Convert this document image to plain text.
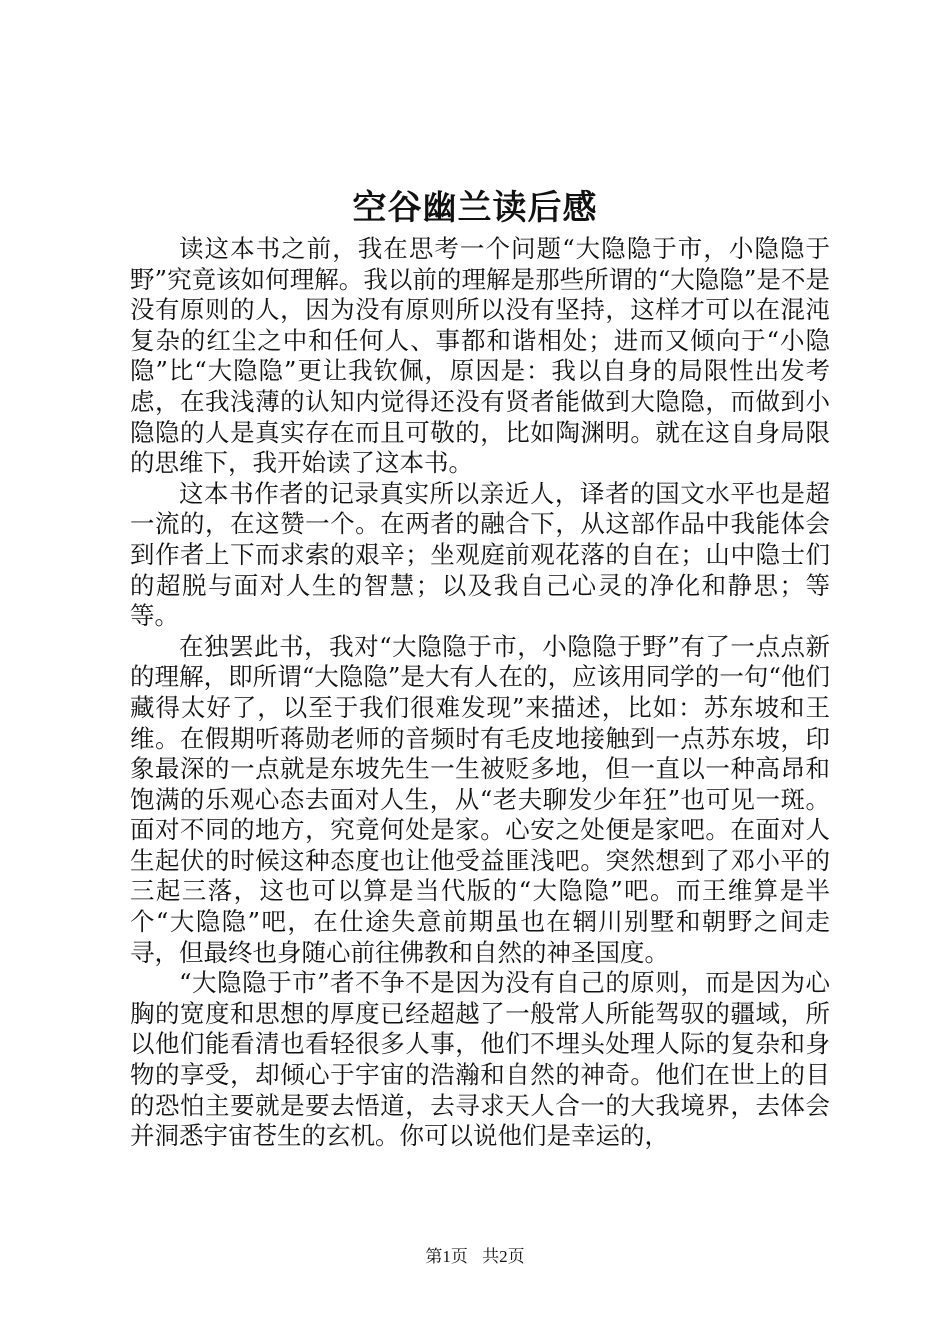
空谷幽兰读后感

读这本书之前，我在思考一个问题“大隐隐于市，小隐隐于野”究竟该如何理解。我以前的理解是那些所谓的“大隐隐”是不是没有原则的人，因为没有原则所以没有坚持，这样才可以在混沌复杂的红尘之中和任何人、事都和谐相处；进而又倾向于“小隐隐”比“大隐隐”更让我钦佩，原因是：我以自身的局限性出发考虑，在我浅薄的认知内觉得还没有贤者能做到大隐隐，而做到小隐隐的人是真实存在而且可敬的，比如陶渊明。就在这自身局限的思维下，我开始读了这本书。

这本书作者的记录真实所以亲近人，译者的国文水平也是超一流的，在这赞一个。在两者的融合下，从这部作品中我能体会到作者上下而求索的艰辛；坐观庭前观花落的自在；山中隐士们的超脱与面对人生的智慧；以及我自己心灵的净化和静思；等等。

在独罢此书，我对“大隐隐于市，小隐隐于野”有了一点点新的理解，即所谓“大隐隐”是大有人在的，应该用同学的一句“他们藏得太好了，以至于我们很难发现”来描述，比如：苏东坡和王维。在假期听蒋勋老师的音频时有毛皮地接触到一点苏东坡，印象最深的一点就是东坡先生一生被贬多地，但一直以一种高昂和饱满的乐观心态去面对人生，从“老夫聊发少年狂”也可见一斑。面对不同的地方，究竟何处是家。心安之处便是家吧。在面对人生起伏的时候这种态度也让他受益匪浅吧。突然想到了邓小平的三起三落，这也可以算是当代版的“大隐隐”吧。而王维算是半个“大隐隐”吧，在仕途失意前期虽也在辋川别墅和朝野之间走寻，但最终也身随心前往佛教和自然的神圣国度。

“大隐隐于市”者不争不是因为没有自己的原则，而是因为心胸的宽度和思想的厚度已经超越了一般常人所能驾驭的疆域，所以他们能看清也看轻很多人事，他们不埋头处理人际的复杂和身物的享受，却倾心于宇宙的浩瀚和自然的神奇。他们在世上的目的恐怕主要就是要去悟道，去寻求天人合一的大我境界，去体会并洞悉宇宙苍生的玄机。你可以说他们是幸运的，

第1页 共2页
